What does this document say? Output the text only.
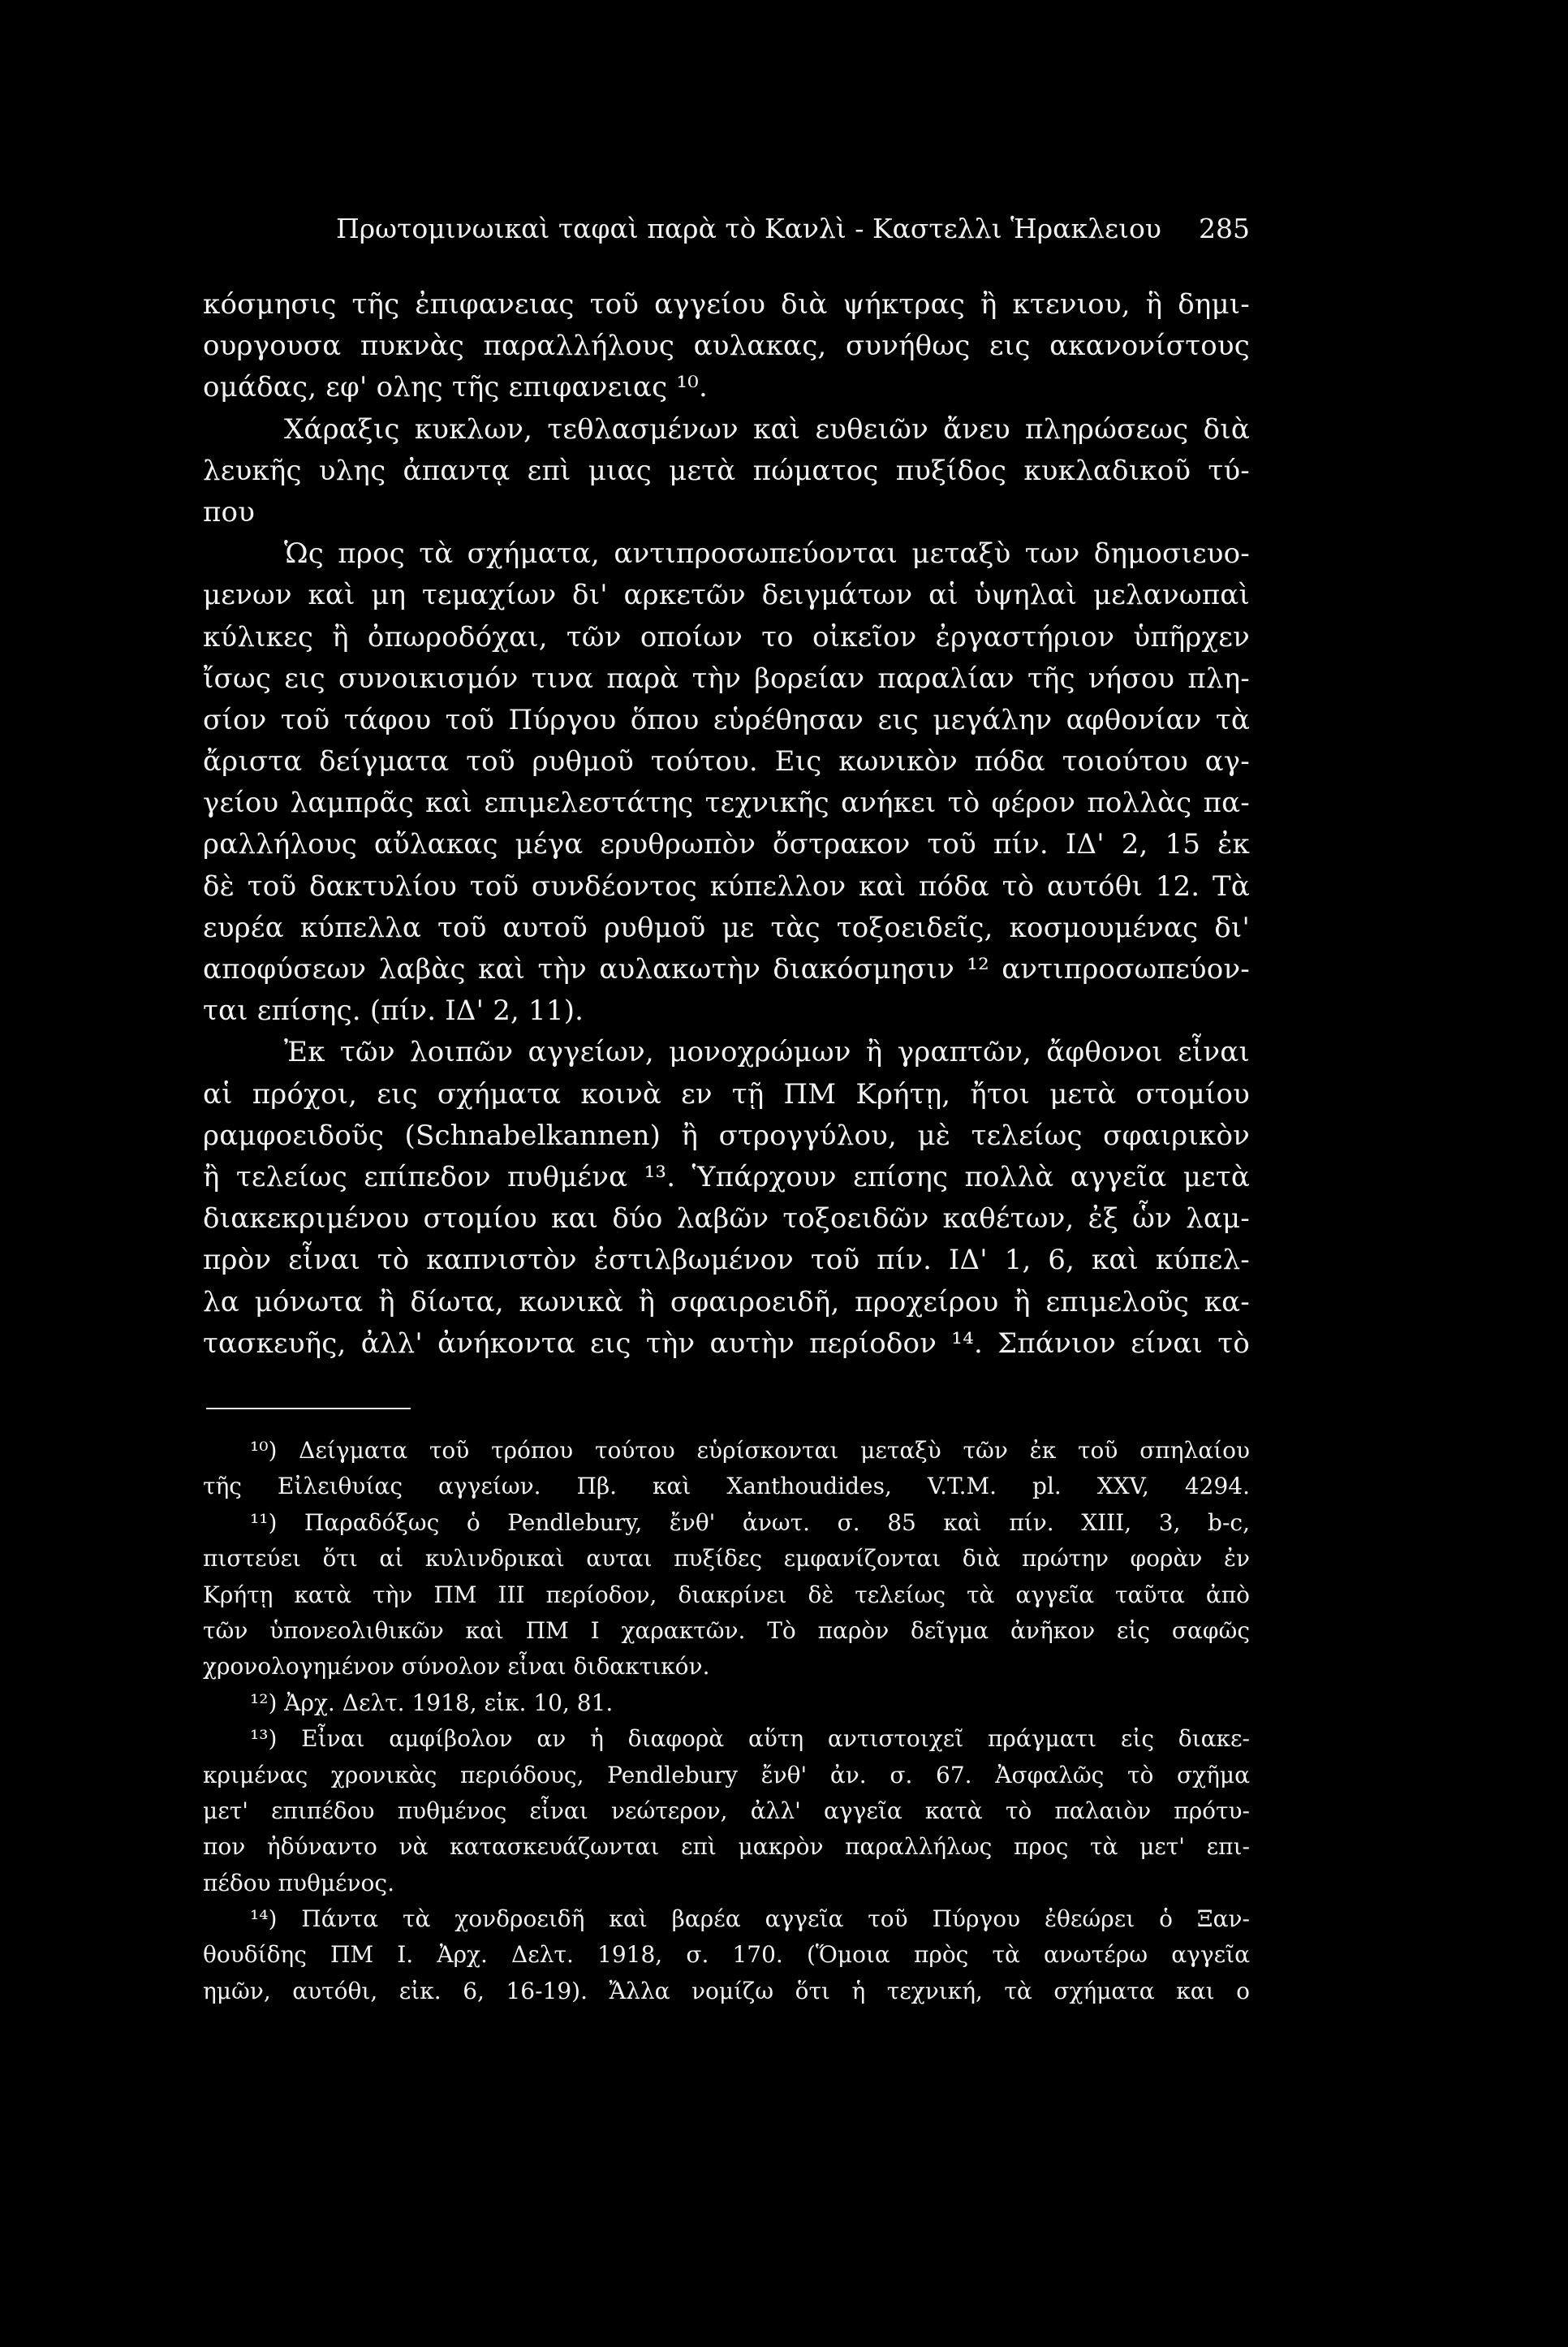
Πρωτομινωικαὶ ταφαὶ παρὰ τὸ Κανλὶ - Καστελλι Ἡρακλειου 285
κόσμησις τῆς ἐπιφανειας τοῦ αγγείου διὰ ψήκτρας ἢ κτενιου, ἣ δημι-
ουργουσα πυκνὰς παραλλήλους αυλακας, συνήθως εις ακανονίστους
ομάδας, εφ' ολης τῆς επιφανειας ¹⁰.
Χάραξις κυκλων, τεθλασμένων καὶ ευθειῶν ἄνευ πληρώσεως διὰ
λευκῆς υλης ἀπαντᾳ επὶ μιας μετὰ πώματος πυξίδος κυκλαδικοῦ τύ-
που
Ὡς προς τὰ σχήματα, αντιπροσωπεύονται μεταξὺ των δημοσιευο-
μενων καὶ μη τεμαχίων δι' αρκετῶν δειγμάτων αἱ ὑψηλαὶ μελανωπαὶ
κύλικες ἢ ὀπωροδόχαι, τῶν οποίων το οἰκεῖον ἐργαστήριον ὑπῆρχεν
ἴσως εις συνοικισμόν τινα παρὰ τὴν βορείαν παραλίαν τῆς νήσου πλη-
σίον τοῦ τάφου τοῦ Πύργου ὅπου εὑρέθησαν εις μεγάλην αφθονίαν τὰ
ἄριστα δείγματα τοῦ ρυθμοῦ τούτου. Εις κωνικὸν πόδα τοιούτου αγ-
γείου λαμπρᾶς καὶ επιμελεστάτης τεχνικῆς ανήκει τὸ φέρον πολλὰς πα-
ραλλήλους αὔλακας μέγα ερυθρωπὸν ὄστρακον τοῦ πίν. ΙΔ' 2, 15 ἐκ
δὲ τοῦ δακτυλίου τοῦ συνδέοντος κύπελλον καὶ πόδα τὸ αυτόθι 12. Τὰ
ευρέα κύπελλα τοῦ αυτοῦ ρυθμοῦ με τὰς τοξοειδεῖς, κοσμουμένας δι'
αποφύσεων λαβὰς καὶ τὴν αυλακωτὴν διακόσμησιν ¹² αντιπροσωπεύον-
ται επίσης. (πίν. ΙΔ' 2, 11).
Ἐκ τῶν λοιπῶν αγγείων, μονοχρώμων ἢ γραπτῶν, ἄφθονοι εἶναι
αἱ πρόχοι, εις σχήματα κοινὰ εν τῇ ΠΜ Κρήτῃ, ἤτοι μετὰ στομίου
ραμφοειδοῦς (Schnabelkannen) ἢ στρογγύλου, μὲ τελείως σφαιρικὸν
ἢ τελείως επίπεδον πυθμένα ¹³. Ὑπάρχουν επίσης πολλὰ αγγεῖα μετὰ
διακεκριμένου στομίου και δύο λαβῶν τοξοειδῶν καθέτων, ἐξ ὧν λαμ-
πρὸν εἶναι τὸ καπνιστὸν ἐστιλβωμένον τοῦ πίν. ΙΔ' 1, 6, καὶ κύπελ-
λα μόνωτα ἢ δίωτα, κωνικὰ ἢ σφαιροειδῆ, προχείρου ἢ επιμελοῦς κα-
τασκευῆς, ἀλλ' ἀνήκοντα εις τὴν αυτὴν περίοδον ¹⁴. Σπάνιον είναι τὸ
¹⁰) Δείγματα τοῦ τρόπου τούτου εὑρίσκονται μεταξὺ τῶν ἐκ τοῦ σπηλαίου
τῆς Εἰλειθυίας αγγείων. Πβ. καὶ Xanthoudides, V.T.M. pl. XXV, 4294.
¹¹) Παραδόξως ὁ Pendlebury, ἔνθ' ἀνωτ. σ. 85 καὶ πίν. XIII, 3, b-c,
πιστεύει ὅτι αἱ κυλινδρικαὶ αυται πυξίδες εμφανίζονται διὰ πρώτην φορὰν ἐν
Κρήτῃ κατὰ τὴν ΠΜ ΙΙΙ περίοδον, διακρίνει δὲ τελείως τὰ αγγεῖα ταῦτα ἀπὸ
τῶν ὑπονεολιθικῶν καὶ ΠΜ Ι χαρακτῶν. Τὸ παρὸν δεῖγμα ἀνῆκον εἰς σαφῶς
χρονολογημένον σύνολον εἶναι διδακτικόν.
¹²) Ἀρχ. Δελτ. 1918, εἰκ. 10, 81.
¹³) Εἶναι αμφίβολον αν ἡ διαφορὰ αὕτη αντιστοιχεῖ πράγματι εἰς διακε-
κριμένας χρονικὰς περιόδους, Pendlebury ἔνθ' ἀν. σ. 67. Ἀσφαλῶς τὸ σχῆμα
μετ' επιπέδου πυθμένος εἶναι νεώτερον, ἀλλ' αγγεῖα κατὰ τὸ παλαιὸν πρότυ-
πον ἠδύναντο νὰ κατασκευάζωνται επὶ μακρὸν παραλλήλως προς τὰ μετ' επι-
πέδου πυθμένος.
¹⁴) Πάντα τὰ χονδροειδῆ καὶ βαρέα αγγεῖα τοῦ Πύργου ἐθεώρει ὁ Ξαν-
θουδίδης ΠΜ Ι. Ἀρχ. Δελτ. 1918, σ. 170. (Ὅμοια πρὸς τὰ ανωτέρω αγγεῖα
ημῶν, αυτόθι, εἰκ. 6, 16-19). Ἄλλα νομίζω ὅτι ἡ τεχνική, τὰ σχήματα και ο
